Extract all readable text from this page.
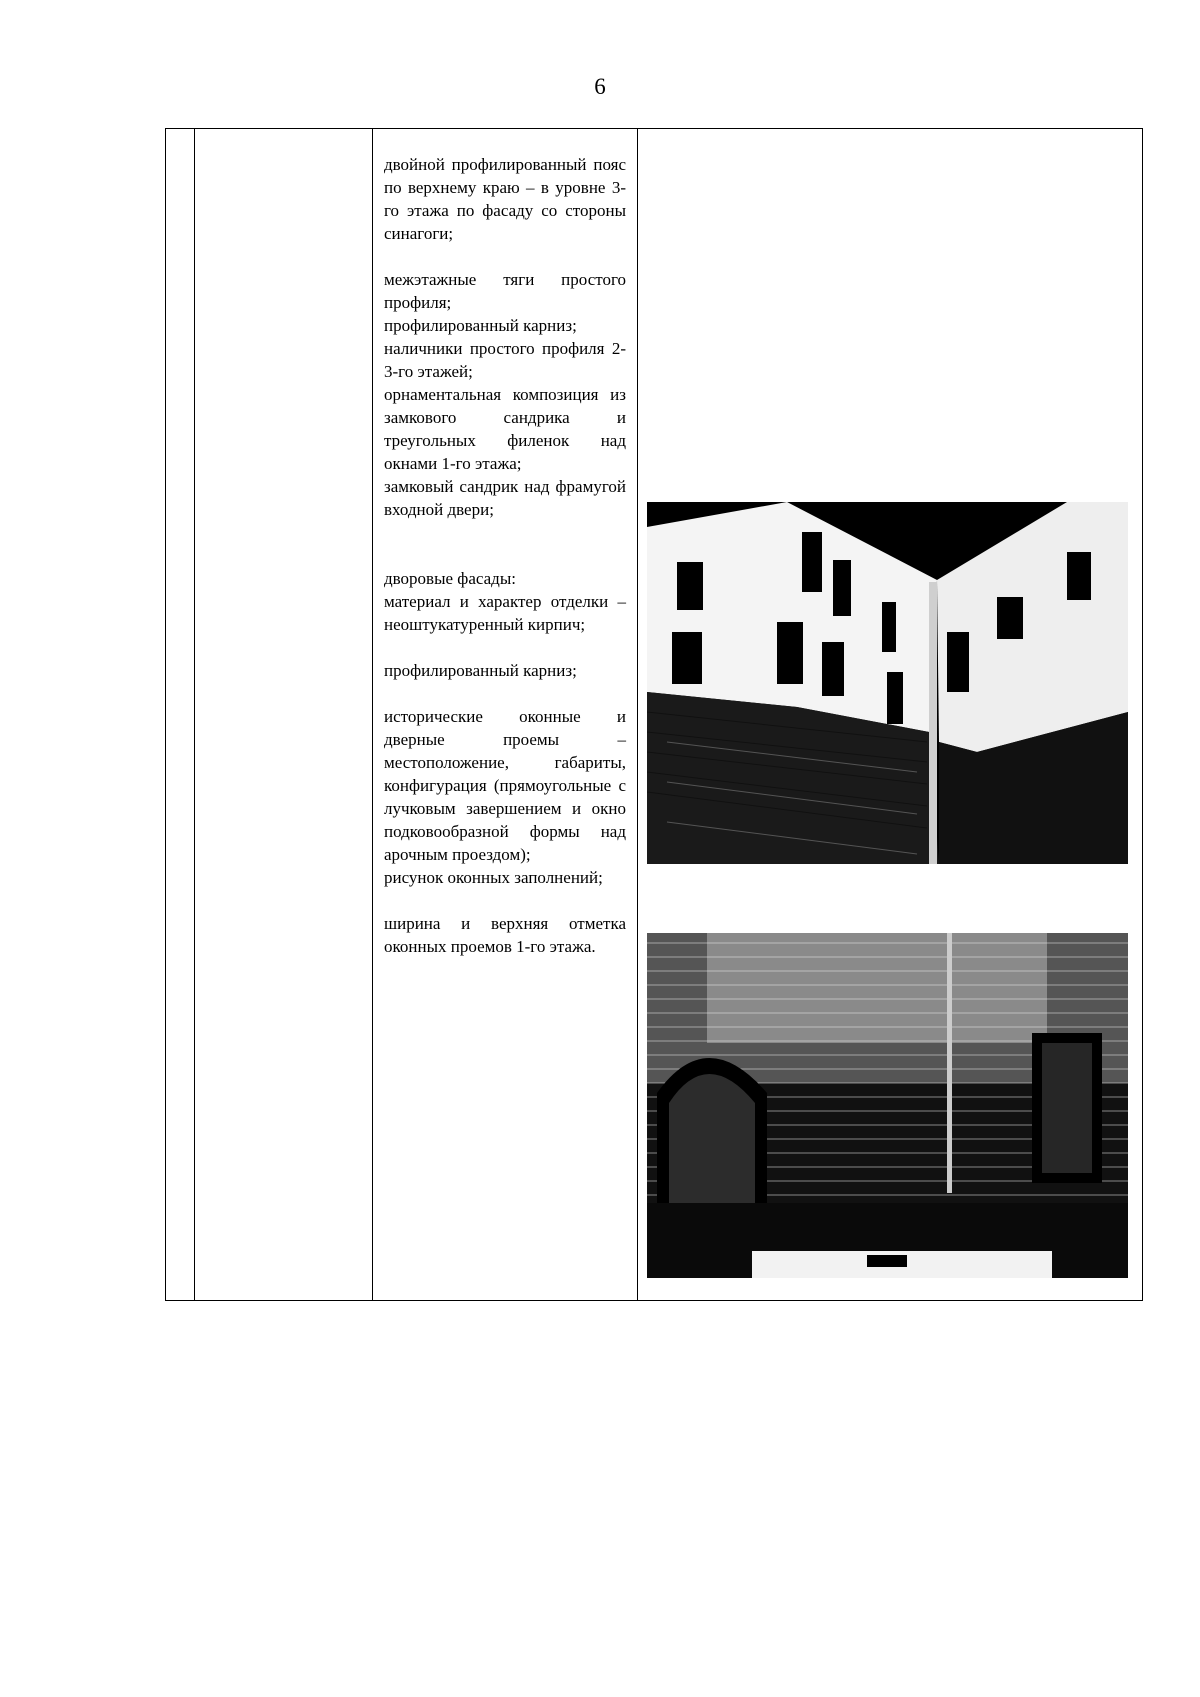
6

двойной профилированный пояс по верхнему краю – в уровне 3-го этажа по фасаду со стороны синагоги;

межэтажные тяги простого профиля;

профилированный карниз;

наличники простого профиля 2-3-го этажей;

орнаментальная композиция из замкового сандрика и треугольных филенок над окнами 1-го этажа;

замковый сандрик над фрамугой входной двери;

дворовые фасады:

материал и характер отделки – неоштукатуренный кирпич;

профилированный карниз;

исторические оконные и дверные проемы – местоположение, габариты, конфигурация (прямоугольные с лучковым завершением и окно подковообразной формы над арочным проездом);

рисунок оконных заполнений;

ширина и верхняя отметка оконных проемов 1-го этажа.
